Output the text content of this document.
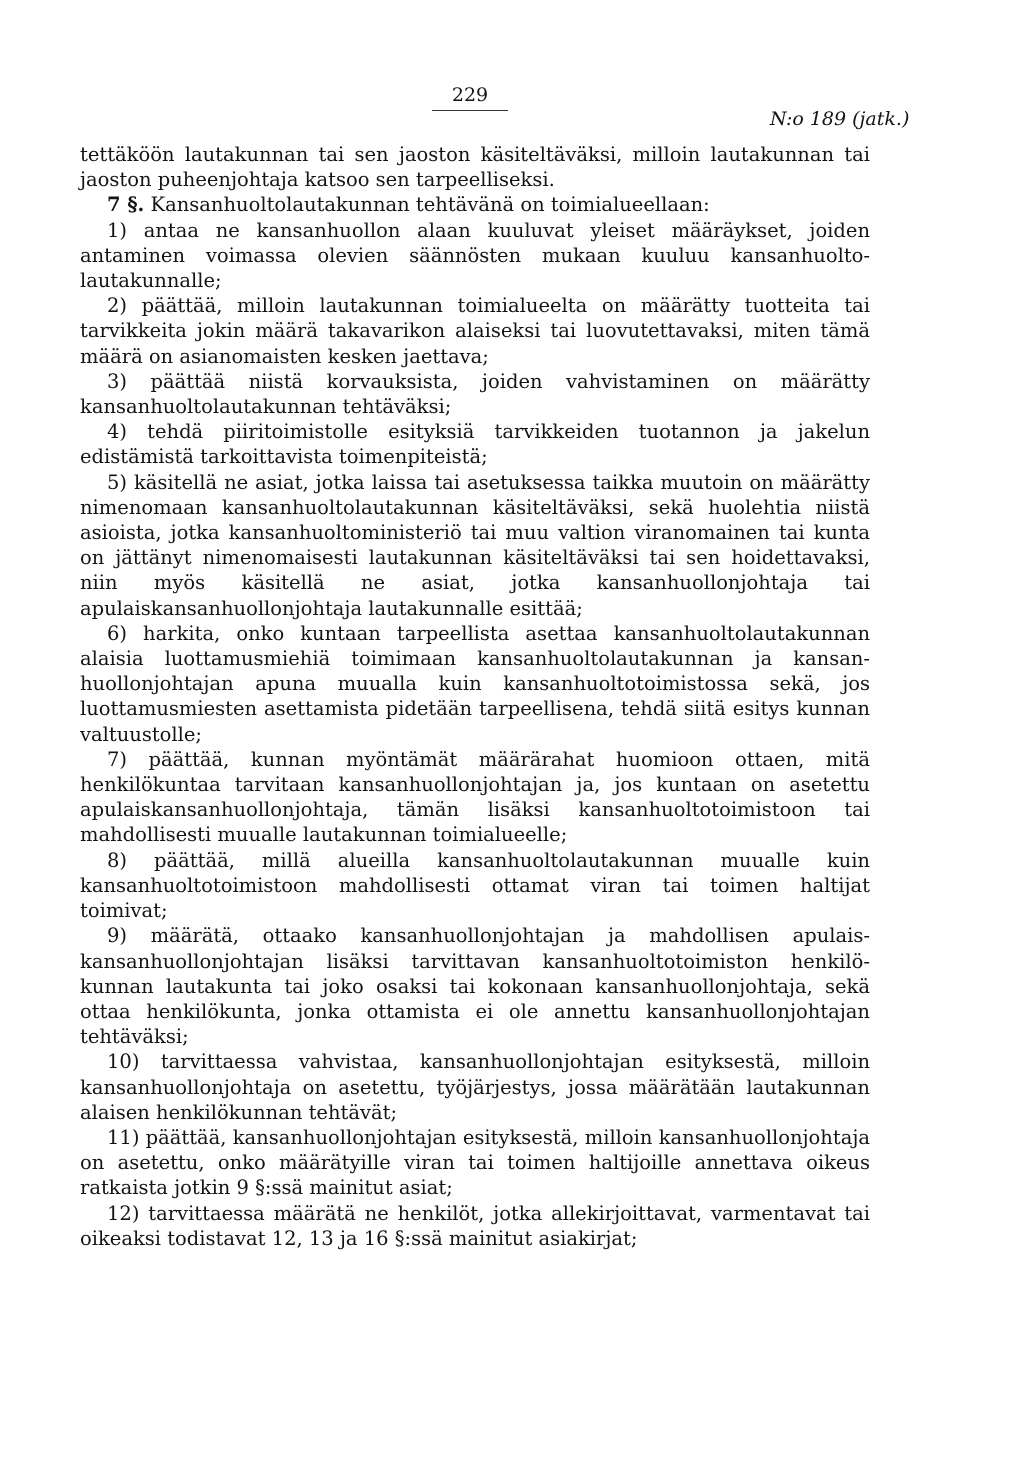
229
N:o 189 (jatk.)

tettäköön lautakunnan tai sen jaoston käsiteltäväksi, milloin lautakunnan tai jaoston puheenjohtaja katsoo sen tarpeelliseksi.

7 §. Kansanhuoltolautakunnan tehtävänä on toimialueellaan:

1) antaa ne kansanhuollon alaan kuuluvat yleiset määräykset, joiden antaminen voimassa olevien säännösten mukaan kuuluu kansanhuoltolautakunnalle;

2) päättää, milloin lautakunnan toimialueelta on määrätty tuotteita tai tarvikkeita jokin määrä takavarikon alaiseksi tai luovutettavaksi, miten tämä määrä on asianomaisten kesken jaettava;

3) päättää niistä korvauksista, joiden vahvistaminen on määrätty kansanhuoltolautakunnan tehtäväksi;

4) tehdä piiritoimistolle esityksiä tarvikkeiden tuotannon ja jakelun edistämistä tarkoittavista toimenpiteistä;

5) käsitellä ne asiat, jotka laissa tai asetuksessa taikka muutoin on määrätty nimenomaan kansanhuoltolautakunnan käsiteltäväksi, sekä huolehtia niistä asioista, jotka kansanhuoltoministeriö tai muu valtion viranomainen tai kunta on jättänyt nimenomaisesti lautakunnan käsiteltäväksi tai sen hoidettavaksi, niin myös käsitellä ne asiat, jotka kansanhuollonjohtaja tai apulaiskansanhuollonjohtaja lautakunnalle esittää;

6) harkita, onko kuntaan tarpeellista asettaa kansanhuoltolautakunnan alaisia luottamusmiehiä toimimaan kansanhuoltolautakunnan ja kansanhuollonjohtajan apuna muualla kuin kansanhuoltotoimistossa sekä, jos luottamusmiesten asettamista pidetään tarpeellisena, tehdä siitä esitys kunnan valtuustolle;

7) päättää, kunnan myöntämät määrärahat huomioon ottaen, mitä henkilökuntaa tarvitaan kansanhuollonjohtajan ja, jos kuntaan on asetettu apulaiskansanhuollonjohtaja, tämän lisäksi kansanhuoltotoimistoon tai mahdollisesti muualle lautakunnan toimialueelle;

8) päättää, millä alueilla kansanhuoltolautakunnan muualle kuin kansanhuoltotoimistoon mahdollisesti ottamat viran tai toimen haltijat toimivat;

9) määrätä, ottaako kansanhuollonjohtajan ja mahdollisen apulaiskansanhuollonjohtajan lisäksi tarvittavan kansanhuoltotoimiston henkilökunnan lautakunta tai joko osaksi tai kokonaan kansanhuollonjohtaja, sekä ottaa henkilökunta, jonka ottamista ei ole annettu kansanhuollonjohtajan tehtäväksi;

10) tarvittaessa vahvistaa, kansanhuollonjohtajan esityksestä, milloin kansanhuollonjohtaja on asetettu, työjärjestys, jossa määrätään lautakunnan alaisen henkilökunnan tehtävät;

11) päättää, kansanhuollonjohtajan esityksestä, milloin kansanhuollonjohtaja on asetettu, onko määrätyille viran tai toimen haltijoille annettava oikeus ratkaista jotkin 9 §:ssä mainitut asiat;

12) tarvittaessa määrätä ne henkilöt, jotka allekirjoittavat, varmentavat tai oikeaksi todistavat 12, 13 ja 16 §:ssä mainitut asiakirjat;
